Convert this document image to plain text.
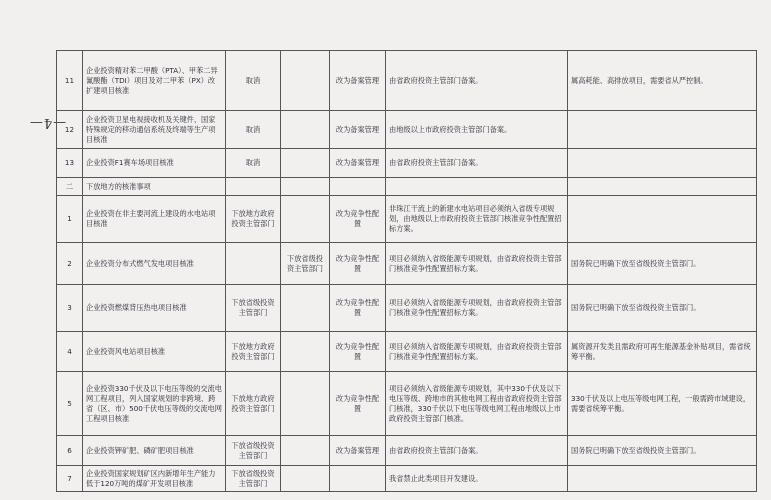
—4—
11	企业投资精对苯二甲酸（PTA）、甲苯二异氰酸酯（TDI）项目及对二甲苯（PX）改扩建项目核准	取消		改为备案管理	由省政府投资主管部门备案。	属高耗能、高排放项目，需要省从严控制。
12	企业投资卫星电视接收机及关键件、国家特殊规定的移动通信系统及终端等生产项目核准	取消		改为备案管理	由地级以上市政府投资主管部门备案。	
13	企业投资F1赛车场项目核准	取消		改为备案管理	由省政府投资主管部门备案。	
二	下放地方的核准事项					
1	企业投资在非主要河流上建设的水电站项目核准	下放地方政府投资主管部门		改为竞争性配置	非珠江干流上的新建水电站项目必须纳入省级专项规划，由地级以上市政府投资主管部门核准竞争性配置招标方案。	
2	企业投资分布式燃气发电项目核准		下放省级投资主管部门	改为竞争性配置	项目必须纳入省级能源专项规划，由省政府投资主管部门核准竞争性配置招标方案。	国务院已明确下放至省级投资主管部门。
3	企业投资燃煤背压热电项目核准	下放省级投资主管部门		改为竞争性配置	项目必须纳入省级能源专项规划，由省政府投资主管部门核准竞争性配置招标方案。	国务院已明确下放至省级投资主管部门。
4	企业投资风电站项目核准	下放地方政府投资主管部门		改为竞争性配置	项目必须纳入省级能源专项规划，由省政府投资主管部门核准竞争性配置招标方案。	属资源开发类且需政府可再生能源基金补贴项目，需省统筹平衡。
5	企业投资330千伏及以下电压等级的交流电网工程项目，列入国家规划的非跨境、跨省（区、市）500千伏电压等级的交流电网工程项目核准	下放地方政府投资主管部门		改为竞争性配置	项目必须纳入省级能源专项规划，其中330千伏及以下电压等级、跨地市的其他电网工程由省政府投资主管部门核准，330千伏以下电压等级电网工程由地级以上市政府投资主管部门核准。	330千伏及以上电压等级电网工程，一般需跨市域建设，需要省统筹平衡。
6	企业投资钾矿肥、磷矿肥项目核准	下放省级投资主管部门		改为备案管理	由省政府投资主管部门备案。	国务院已明确下放至省级投资主管部门。
7	企业投资国家规划矿区内新增年生产能力低于120万吨的煤矿开发项目核准	下放省级投资主管部门			我省禁止此类项目开发建设。	
